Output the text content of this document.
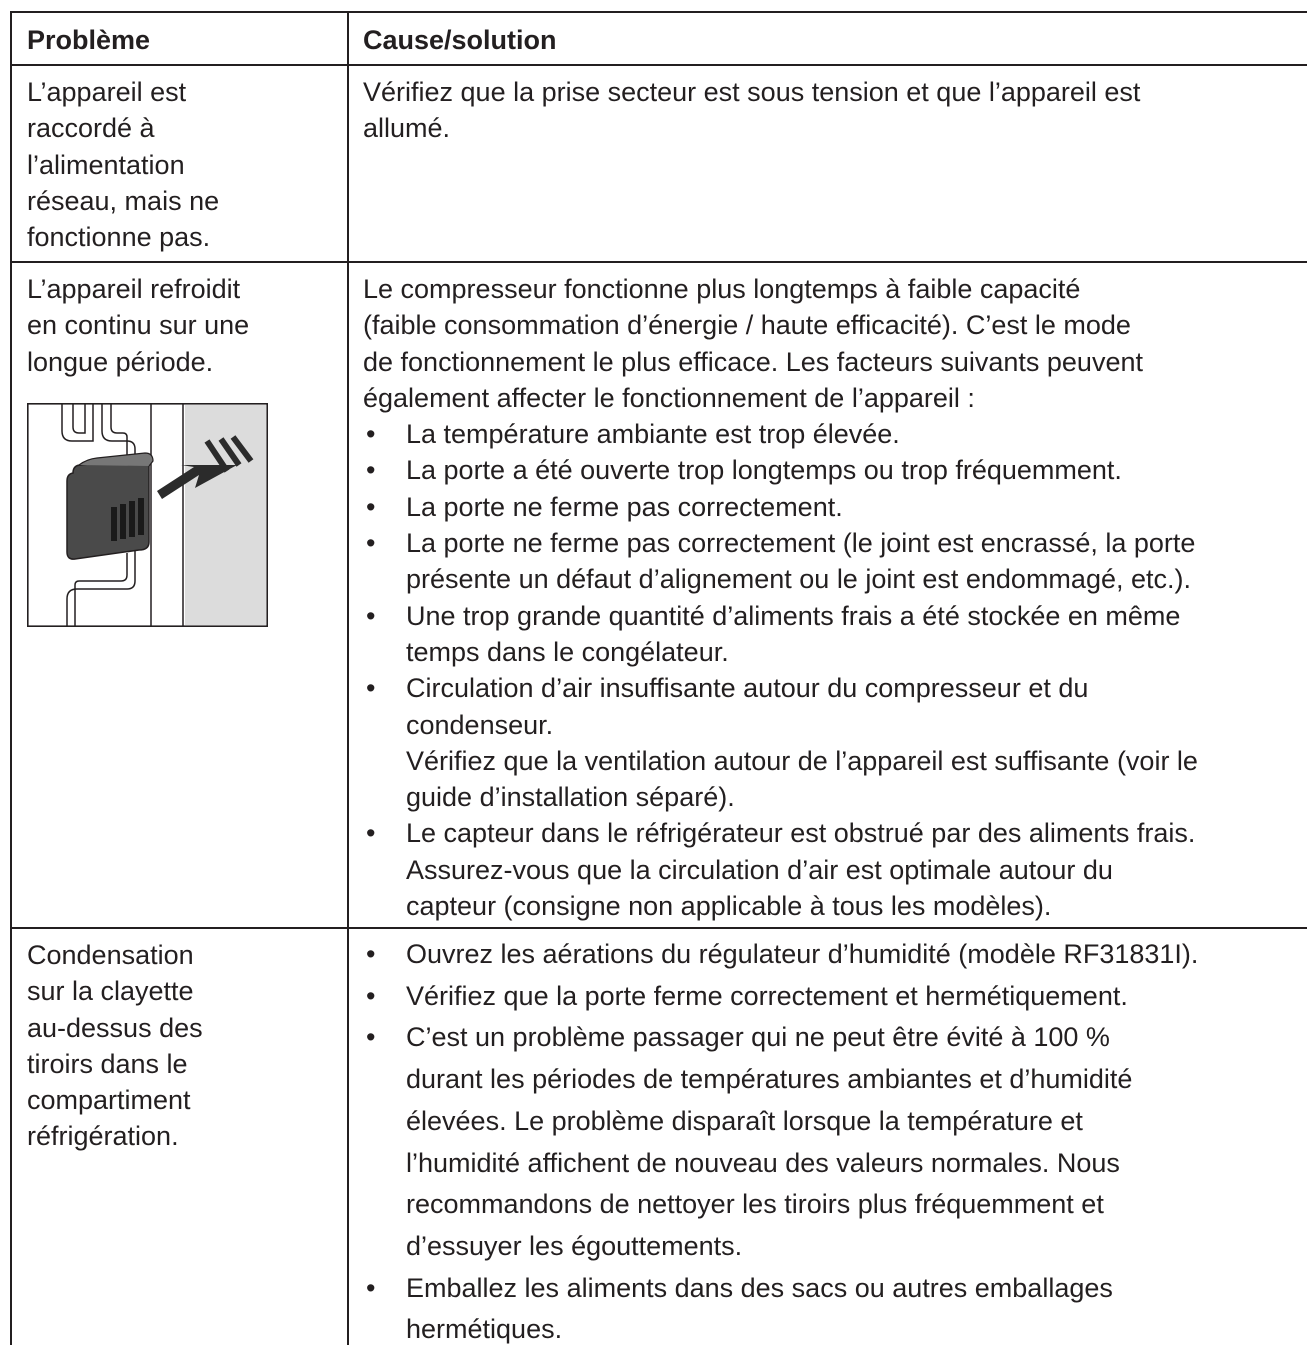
Problème	Cause/solution
L’appareil est
raccordé à
l’alimentation
réseau, mais ne
fonctionne pas.
Vérifiez que la prise secteur est sous tension et que l’appareil est
allumé.
L’appareil refroidit
en continu sur une
longue période.
Le compresseur fonctionne plus longtemps à faible capacité
(faible consommation d’énergie / haute efficacité). C’est le mode
de fonctionnement le plus efficace. Les facteurs suivants peuvent
également affecter le fonctionnement de l’appareil :
• La température ambiante est trop élevée.
• La porte a été ouverte trop longtemps ou trop fréquemment.
• La porte ne ferme pas correctement.
• La porte ne ferme pas correctement (le joint est encrassé, la porte
présente un défaut d’alignement ou le joint est endommagé, etc.).
• Une trop grande quantité d’aliments frais a été stockée en même
temps dans le congélateur.
• Circulation d’air insuffisante autour du compresseur et du
condenseur.
Vérifiez que la ventilation autour de l’appareil est suffisante (voir le
guide d’installation séparé).
• Le capteur dans le réfrigérateur est obstrué par des aliments frais.
Assurez-vous que la circulation d’air est optimale autour du
capteur (consigne non applicable à tous les modèles).
Condensation
sur la clayette
au-dessus des
tiroirs dans le
compartiment
réfrigération.
• Ouvrez les aérations du régulateur d’humidité (modèle RF31831I).
• Vérifiez que la porte ferme correctement et hermétiquement.
• C’est un problème passager qui ne peut être évité à 100 %
durant les périodes de températures ambiantes et d’humidité
élevées. Le problème disparaît lorsque la température et
l’humidité affichent de nouveau des valeurs normales. Nous
recommandons de nettoyer les tiroirs plus fréquemment et
d’essuyer les égouttements.
• Emballez les aliments dans des sacs ou autres emballages
hermétiques.
